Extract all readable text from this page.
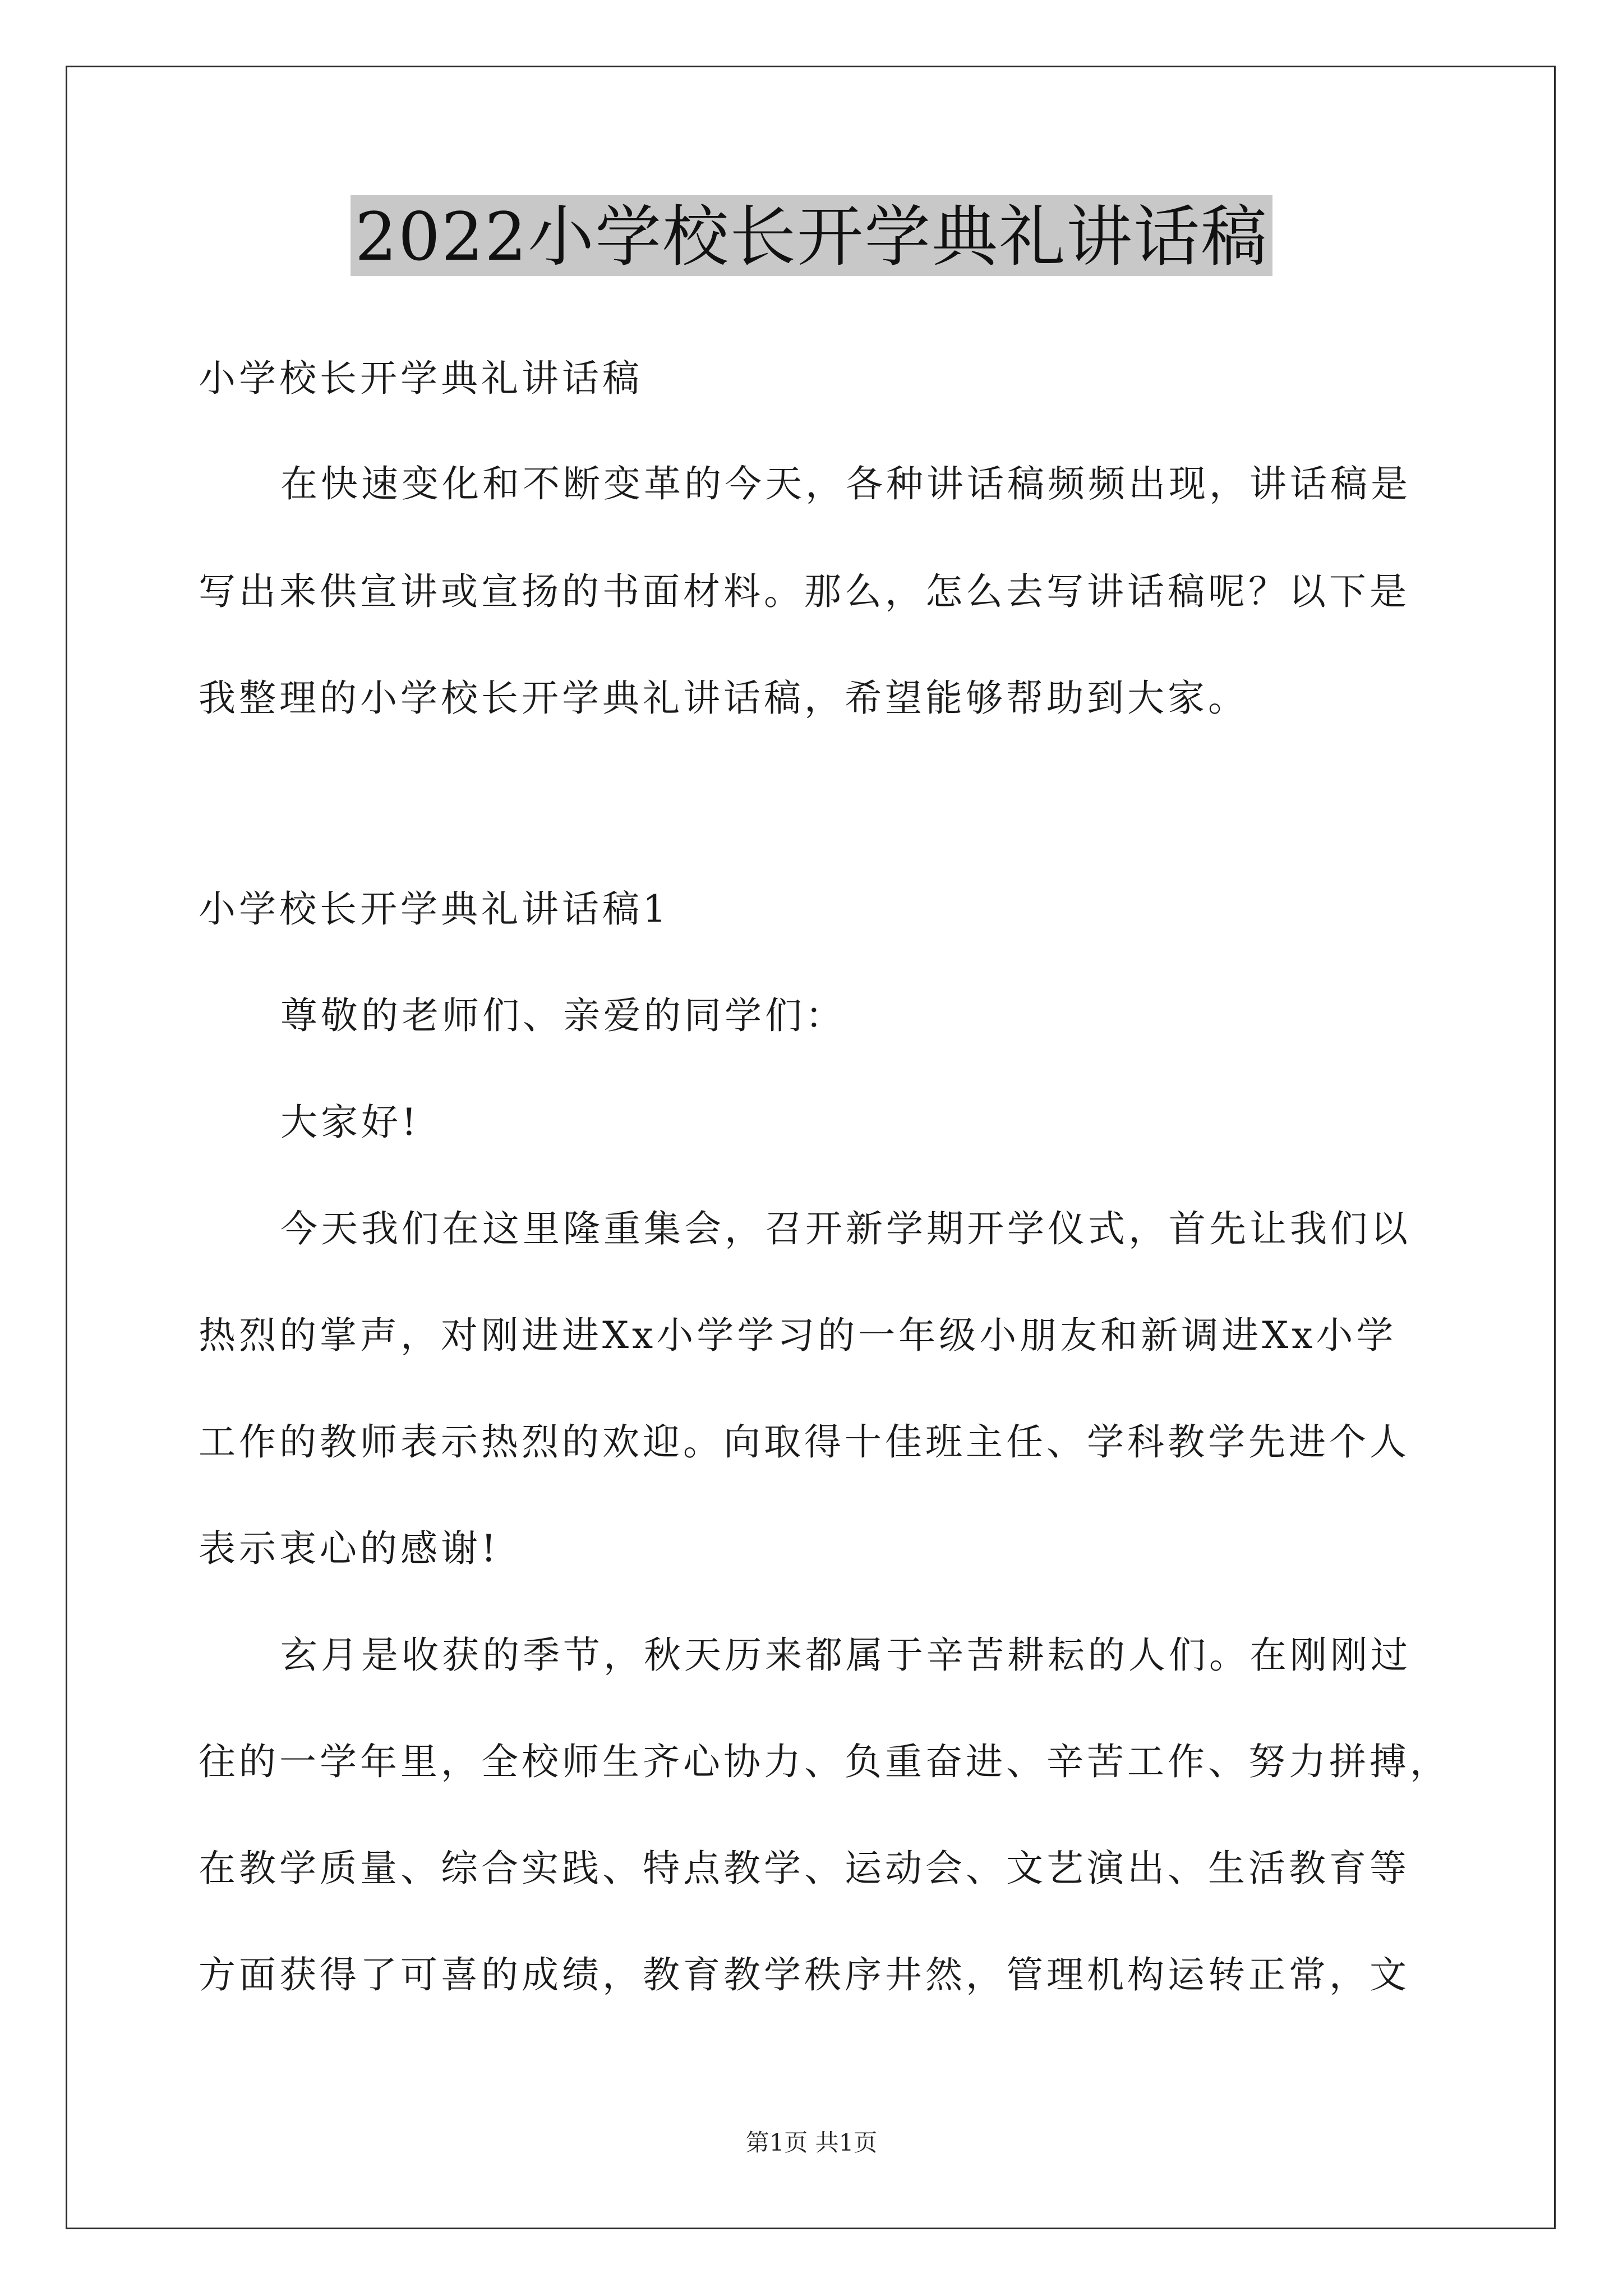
2022小学校长开学典礼讲话稿
小学校长开学典礼讲话稿
在快速变化和不断变革的今天，各种讲话稿频频出现，讲话稿是
写出来供宣讲或宣扬的书面材料。那么，怎么去写讲话稿呢？以下是
我整理的小学校长开学典礼讲话稿，希望能够帮助到大家。
小学校长开学典礼讲话稿1
尊敬的老师们、亲爱的同学们：
大家好!
今天我们在这里隆重集会，召开新学期开学仪式，首先让我们以
热烈的掌声，对刚进进Xx小学学习的一年级小朋友和新调进Xx小学
工作的教师表示热烈的欢迎。向取得十佳班主任、学科教学先进个人
表示衷心的感谢!
玄月是收获的季节，秋天历来都属于辛苦耕耘的人们。在刚刚过
往的一学年里，全校师生齐心协力、负重奋进、辛苦工作、努力拼搏，
在教学质量、综合实践、特点教学、运动会、文艺演出、生活教育等
方面获得了可喜的成绩，教育教学秩序井然，管理机构运转正常，文
第1页 共1页
